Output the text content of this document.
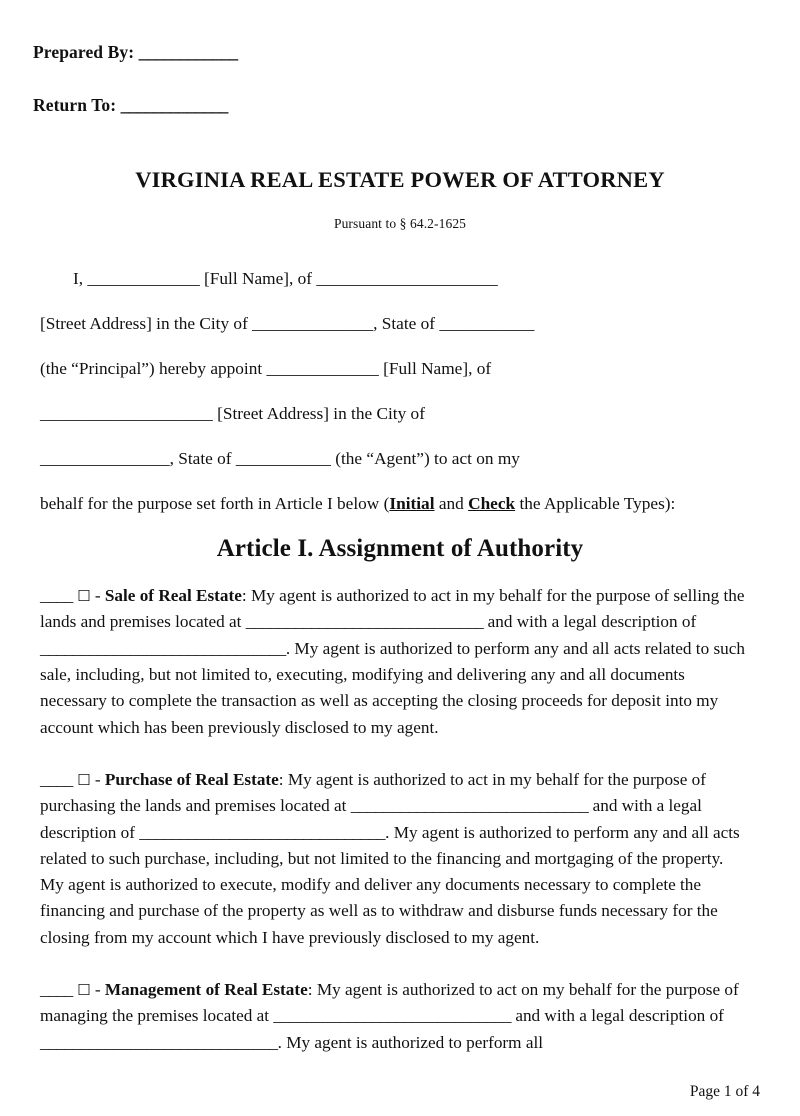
Prepared By: ____________
Return To: _____________
VIRGINIA REAL ESTATE POWER OF ATTORNEY
Pursuant to § 64.2-1625
I, _____________ [Full Name], of _____________________
[Street Address] in the City of ______________, State of ___________
(the “Principal”) hereby appoint _____________ [Full Name], of
____________________ [Street Address] in the City of
_______________, State of ___________ (the “Agent”) to act on my
behalf for the purpose set forth in Article I below (Initial and Check the Applicable Types):
Article I. Assignment of Authority

____ ☐ - Sale of Real Estate: My agent is authorized to act in my behalf for the purpose of selling the lands and premises located at _____________________________ and with a legal description of ______________________________. My agent is authorized to perform any and all acts related to such sale, including, but not limited to, executing, modifying and delivering any and all documents necessary to complete the transaction as well as accepting the closing proceeds for deposit into my account which has been previously disclosed to my agent.

____ ☐ - Purchase of Real Estate: My agent is authorized to act in my behalf for the purpose of purchasing the lands and premises located at _____________________________ and with a legal description of ______________________________. My agent is authorized to perform any and all acts related to such purchase, including, but not limited to the financing and mortgaging of the property. My agent is authorized to execute, modify and deliver any documents necessary to complete the financing and purchase of the property as well as to withdraw and disburse funds necessary for the closing from my account which I have previously disclosed to my agent.

____ ☐ - Management of Real Estate: My agent is authorized to act on my behalf for the purpose of managing the premises located at _____________________________ and with a legal description of _____________________________. My agent is authorized to perform all

Page 1 of 4
